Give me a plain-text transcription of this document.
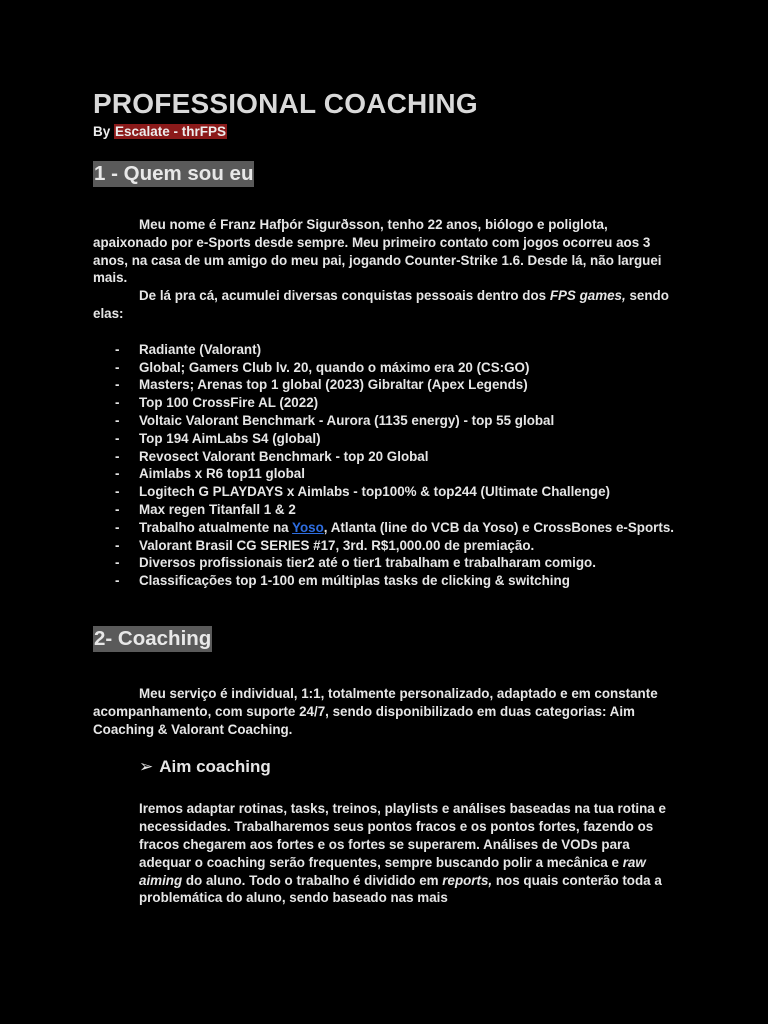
PROFESSIONAL COACHING
By Escalate - thrFPS
1 - Quem sou eu

Meu nome é Franz Hafþór Sigurðsson, tenho 22 anos, biólogo e poliglota, apaixonado por e-Sports desde sempre. Meu primeiro contato com jogos ocorreu aos 3 anos, na casa de um amigo do meu pai, jogando Counter-Strike 1.6. Desde lá, não larguei mais.

De lá pra cá, acumulei diversas conquistas pessoais dentro dos FPS games, sendo elas:

- Radiante (Valorant)
- Global; Gamers Club lv. 20, quando o máximo era 20 (CS:GO)
- Masters; Arenas top 1 global (2023) Gibraltar (Apex Legends)
- Top 100 CrossFire AL (2022)
- Voltaic Valorant Benchmark - Aurora (1135 energy) - top 55 global
- Top 194 AimLabs S4 (global)
- Revosect Valorant Benchmark - top 20 Global
- Aimlabs x R6 top11 global
- Logitech G PLAYDAYS x Aimlabs - top100% & top244 (Ultimate Challenge)
- Max regen Titanfall 1 & 2
- Trabalho atualmente na Yoso, Atlanta (line do VCB da Yoso) e CrossBones e-Sports.
- Valorant Brasil CG SERIES #17, 3rd. R$1,000.00 de premiação.
- Diversos profissionais tier2 até o tier1 trabalham e trabalharam comigo.
- Classificações top 1-100 em múltiplas tasks de clicking & switching
2- Coaching

Meu serviço é individual, 1:1, totalmente personalizado, adaptado e em constante acompanhamento, com suporte 24/7, sendo disponibilizado em duas categorias: Aim Coaching & Valorant Coaching.

➢ Aim coaching

Iremos adaptar rotinas, tasks, treinos, playlists e análises baseadas na tua rotina e necessidades. Trabalharemos seus pontos fracos e os pontos fortes, fazendo os fracos chegarem aos fortes e os fortes se superarem. Análises de VODs para adequar o coaching serão frequentes, sempre buscando polir a mecânica e raw aiming do aluno. Todo o trabalho é dividido em reports, nos quais conterão toda a problemática do aluno, sendo baseado nas mais
